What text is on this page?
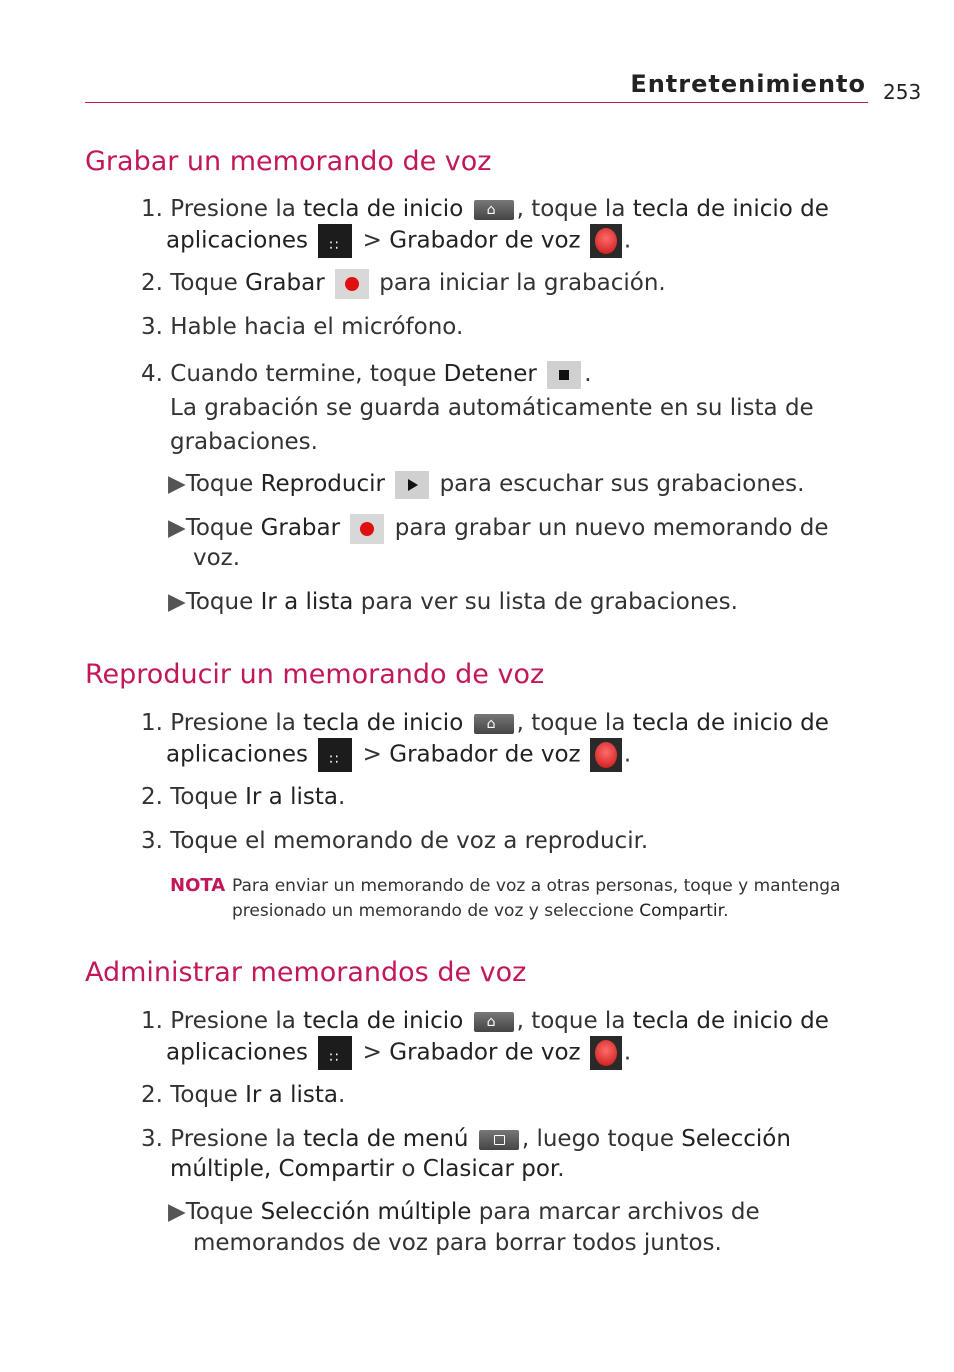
Entretenimiento 253
Grabar un memorando de voz
1. Presione la tecla de inicio ⌂ , toque la tecla de inicio de
aplicaciones ∷ > Grabador de voz .
2. Toque Grabar para iniciar la grabación.
3. Hable hacia el micrófono.
4. Cuando termine, toque Detener .
La grabación se guarda automáticamente en su lista de
grabaciones.
▶Toque Reproducir para escuchar sus grabaciones.
▶Toque Grabar para grabar un nuevo memorando de
voz.
▶Toque Ir a lista para ver su lista de grabaciones.
Reproducir un memorando de voz
1. Presione la tecla de inicio ⌂ , toque la tecla de inicio de
aplicaciones ∷ > Grabador de voz .
2. Toque Ir a lista.
3. Toque el memorando de voz a reproducir.
NOTA Para enviar un memorando de voz a otras personas, toque y mantenga
presionado un memorando de voz y seleccione Compartir.
Administrar memorandos de voz
1. Presione la tecla de inicio ⌂ , toque la tecla de inicio de
aplicaciones ∷ > Grabador de voz .
2. Toque Ir a lista.
3. Presione la tecla de menú , luego toque Selección
múltiple, Compartir o Clasicar por.
▶Toque Selección múltiple para marcar archivos de
memorandos de voz para borrar todos juntos.
